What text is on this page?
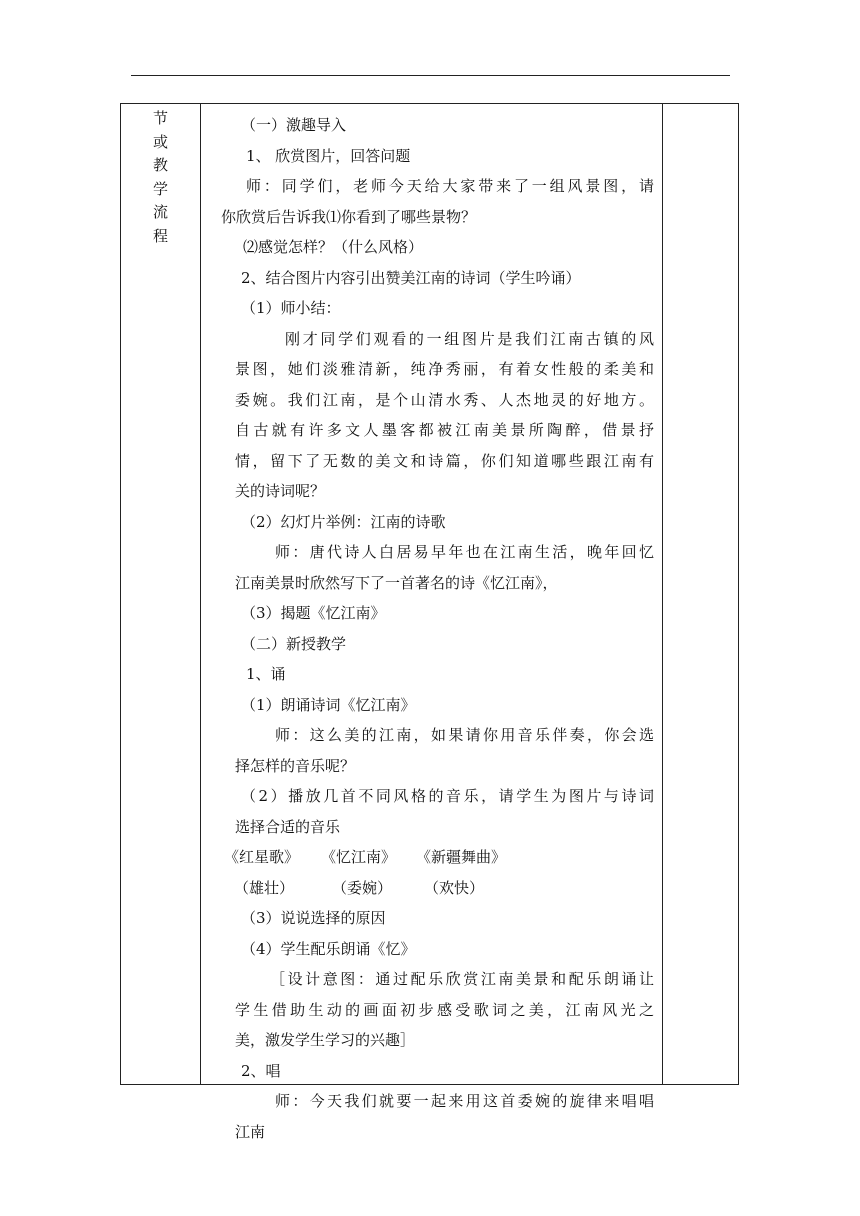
节
或
教
学
流
程
（一）激趣导入
1、 欣赏图片，回答问题
师：同学们，老师今天给大家带来了一组风景图，请
你欣赏后告诉我⑴你看到了哪些景物？
⑵感觉怎样？（什么风格）
2、结合图片内容引出赞美江南的诗词（学生吟诵）
（1）师小结：
刚才同学们观看的一组图片是我们江南古镇的风
景图，她们淡雅清新，纯净秀丽，有着女性般的柔美和
委婉。我们江南，是个山清水秀、人杰地灵的好地方。
自古就有许多文人墨客都被江南美景所陶醉，借景抒
情，留下了无数的美文和诗篇，你们知道哪些跟江南有
关的诗词呢？
（2）幻灯片举例：江南的诗歌
师：唐代诗人白居易早年也在江南生活，晚年回忆
江南美景时欣然写下了一首著名的诗《忆江南》，
（3）揭题《忆江南》
（二）新授教学
1、诵
（1）朗诵诗词《忆江南》
师：这么美的江南，如果请你用音乐伴奏，你会选
择怎样的音乐呢？
（2）播放几首不同风格的音乐，请学生为图片与诗词
选择合适的音乐
《红星歌》 《忆江南》 《新疆舞曲》
（雄壮）	（委婉） （欢快）
（3）说说选择的原因
（4）学生配乐朗诵《忆》
［设计意图：通过配乐欣赏江南美景和配乐朗诵让
学生借助生动的画面初步感受歌词之美，江南风光之
美，激发学生学习的兴趣］
2、唱
师：今天我们就要一起来用这首委婉的旋律来唱唱
江南
